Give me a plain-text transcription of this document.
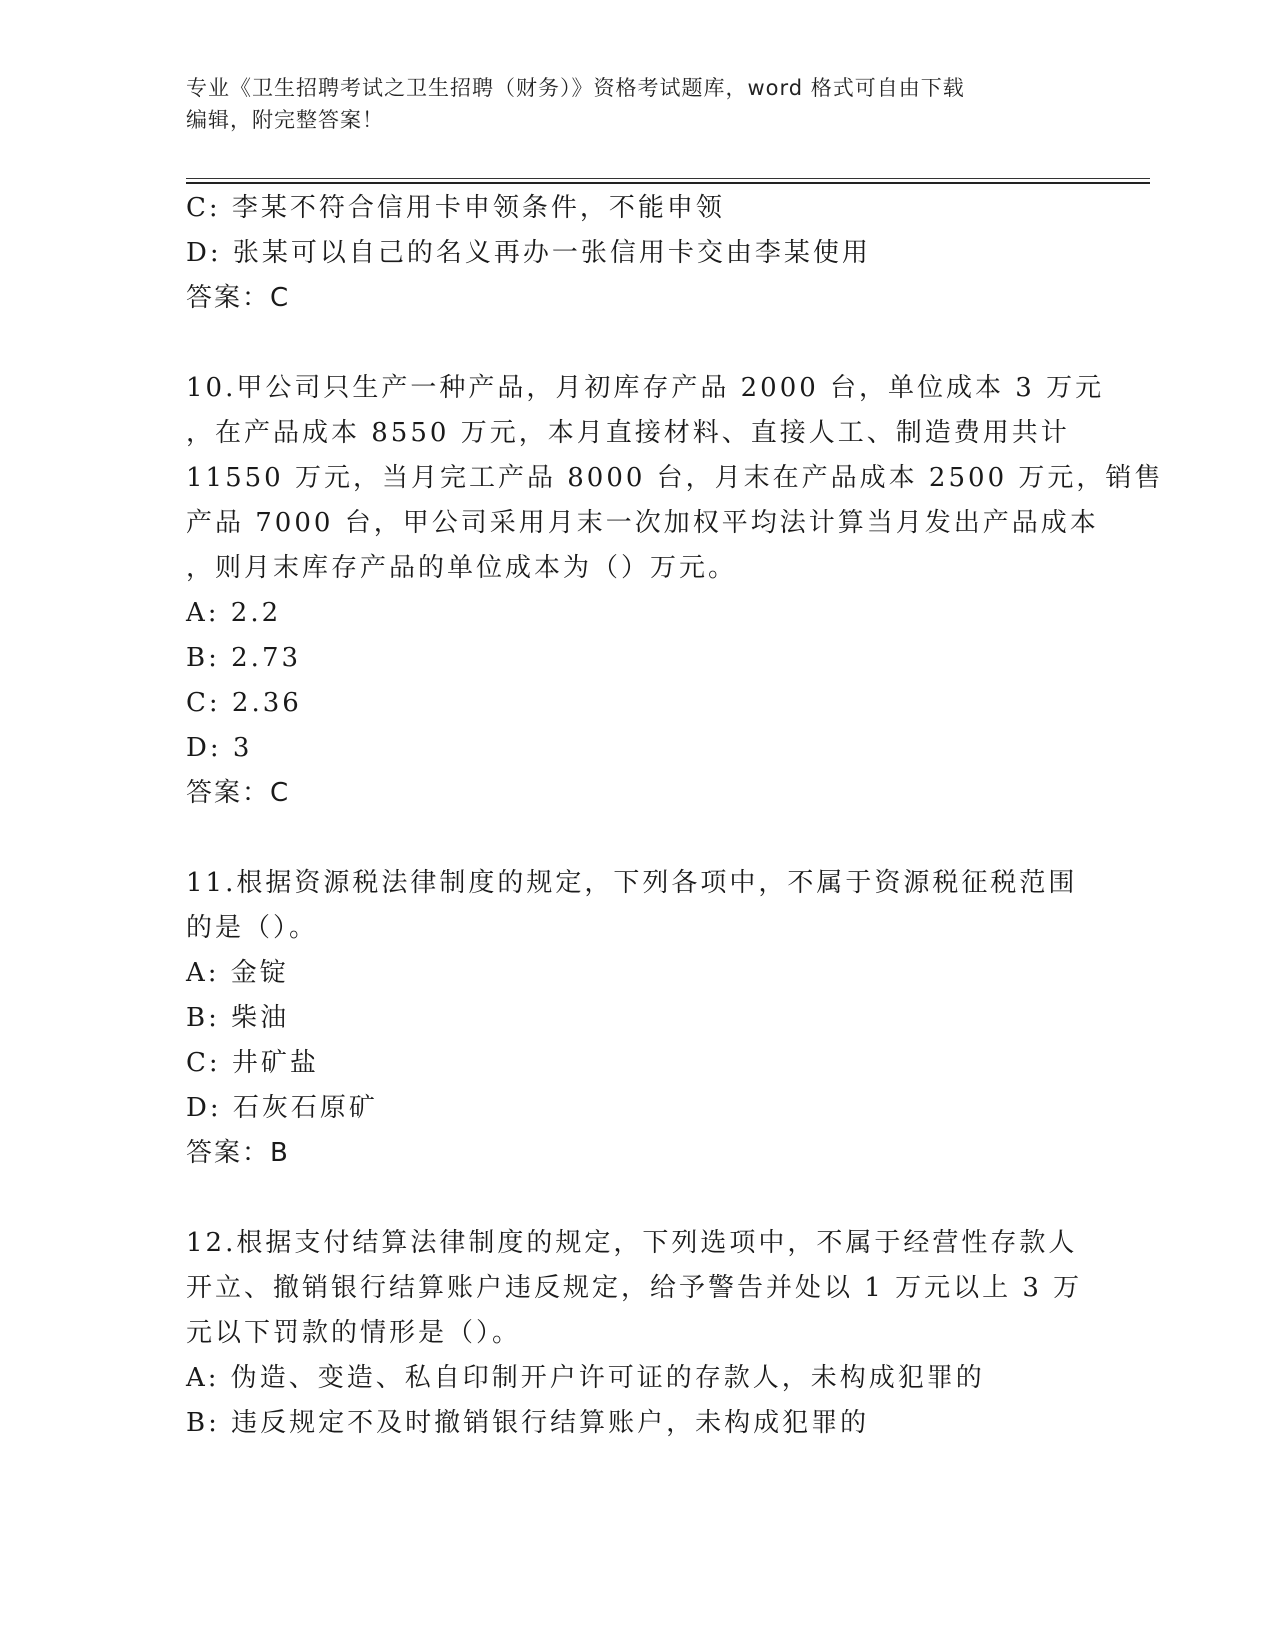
专业《卫生招聘考试之卫生招聘（财务）》资格考试题库，word 格式可自由下载
编辑，附完整答案！
C: 李某不符合信用卡申领条件，不能申领
D: 张某可以自己的名义再办一张信用卡交由李某使用
答案：C
10.甲公司只生产一种产品，月初库存产品 2000 台，单位成本 3 万元
，在产品成本 8550 万元，本月直接材料、直接人工、制造费用共计
11550 万元，当月完工产品 8000 台，月末在产品成本 2500 万元，销售
产品 7000 台，甲公司采用月末一次加权平均法计算当月发出产品成本
，则月末库存产品的单位成本为（）万元。
A: 2.2
B: 2.73
C: 2.36
D: 3
答案：C
11.根据资源税法律制度的规定，下列各项中，不属于资源税征税范围
的是（）。
A: 金锭
B: 柴油
C: 井矿盐
D: 石灰石原矿
答案：B
12.根据支付结算法律制度的规定，下列选项中，不属于经营性存款人
开立、撤销银行结算账户违反规定，给予警告并处以 1 万元以上 3 万
元以下罚款的情形是（）。
A: 伪造、变造、私自印制开户许可证的存款人，未构成犯罪的
B: 违反规定不及时撤销银行结算账户，未构成犯罪的
